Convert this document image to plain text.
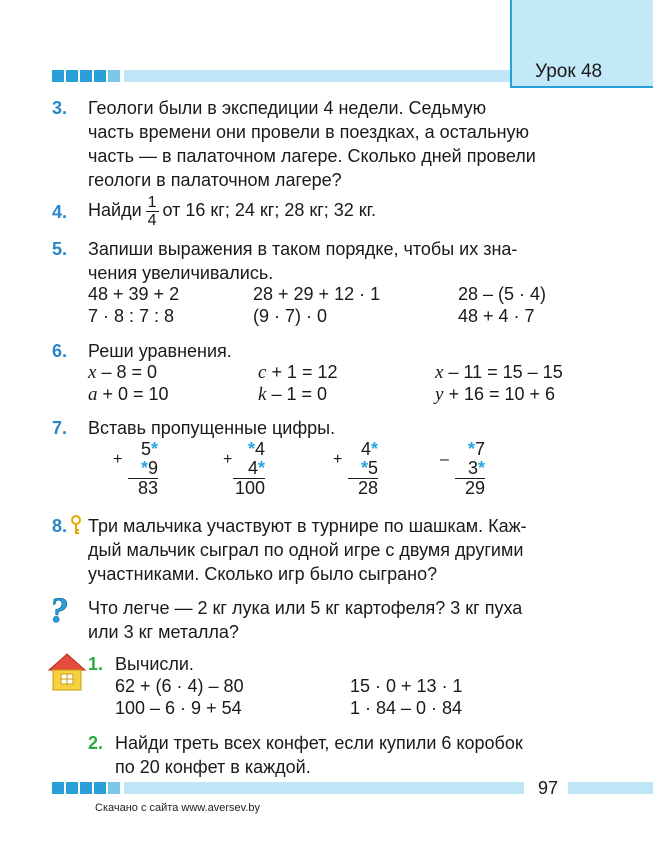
Урок 48
3. Геологи были в экспедиции 4 недели. Седьмую
часть времени они провели в поездках, а остальную
часть — в палаточном лагере. Сколько дней провели
геологи в палаточном лагере?
4. Найди $\frac{1}{4}$ от 16 кг; 24 кг; 28 кг; 32 кг.
5. Запиши выражения в таком порядке, чтобы их зна-
чения увеличивались.
48 + 39 + 2	28 + 29 + 12 · 1	28 – (5 · 4)
7 · 8 : 7 : 8	(9 · 7) · 0	48 + 4 · 7
6. Реши уравнения.
x – 8 = 0	c + 1 = 12	x – 11 = 15 – 15
a + 0 = 10	k – 1 = 0	y + 16 = 10 + 6
7. Вставь пропущенные цифры.
+
5*
*9
83
+
*4
4*
100
+
4*
*5
28
–
*7
3*
29
8. Три мальчика участвуют в турнире по шашкам. Каж-
дый мальчик сыграл по одной игре с двумя другими
участниками. Сколько игр было сыграно?
? Что легче — 2 кг лука или 5 кг картофеля? 3 кг пуха
или 3 кг металла?
1. Вычисли.
62 + (6 · 4) – 80	15 · 0 + 13 · 1
100 – 6 · 9 + 54	1 · 84 – 0 · 84
2. Найди треть всех конфет, если купили 6 коробок
по 20 конфет в каждой.
97
Скачано с сайта www.aversev.by
